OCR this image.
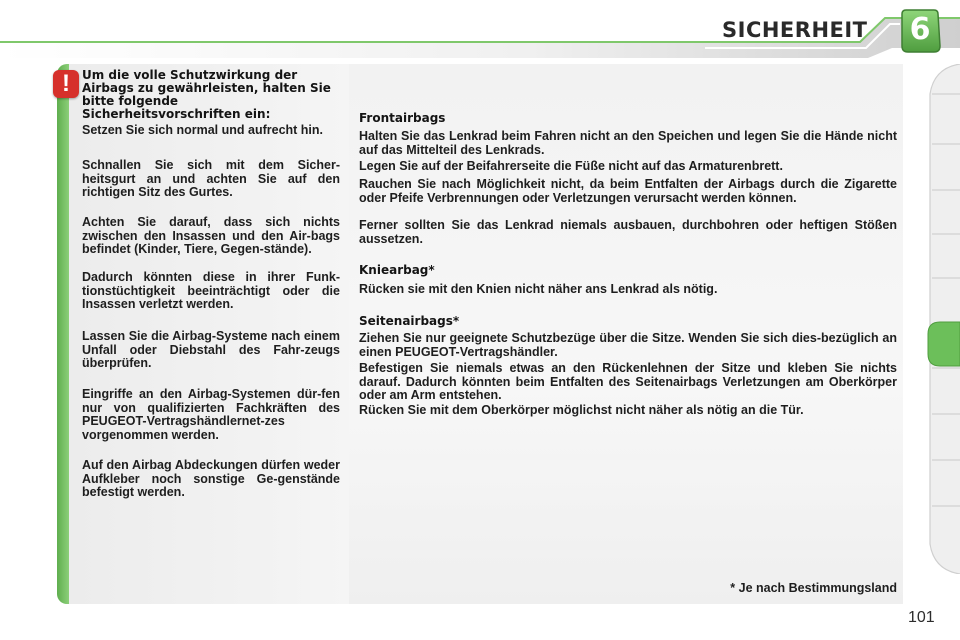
SICHERHEIT	6
!	Um die volle Schutzwirkung der Airbags zu gewährleisten, halten Sie bitte folgende Sicherheitsvorschriften ein:

Setzen Sie sich normal und aufrecht hin.

Schnallen Sie sich mit dem Sicher-heitsgurt an und achten Sie auf den richtigen Sitz des Gurtes.

Achten Sie darauf, dass sich nichts zwischen den Insassen und den Air-bags befindet (Kinder, Tiere, Gegen-stände).

Dadurch könnten diese in ihrer Funk-tionstüchtigkeit beeinträchtigt oder die Insassen verletzt werden.

Lassen Sie die Airbag-Systeme nach einem Unfall oder Diebstahl des Fahr-zeugs überprüfen.

Eingriffe an den Airbag-Systemen dür-fen nur von qualifizierten Fachkräften des PEUGEOT-Vertragshändlernet-zes vorgenommen werden.

Auf den Airbag Abdeckungen dürfen weder Aufkleber noch sonstige Ge-genstände befestigt werden.

Frontairbags

Halten Sie das Lenkrad beim Fahren nicht an den Speichen und legen Sie die Hände nicht auf das Mittelteil des Lenkrads.

Legen Sie auf der Beifahrerseite die Füße nicht auf das Armaturenbrett.

Rauchen Sie nach Möglichkeit nicht, da beim Entfalten der Airbags durch die Zigarette oder Pfeife Verbrennungen oder Verletzungen verursacht werden können.

Ferner sollten Sie das Lenkrad niemals ausbauen, durchbohren oder heftigen Stößen aussetzen.

Kniearbag*

Rücken sie mit den Knien nicht näher ans Lenkrad als nötig.

Seitenairbags*

Ziehen Sie nur geeignete Schutzbezüge über die Sitze. Wenden Sie sich dies-bezüglich an einen PEUGEOT-Vertragshändler.

Befestigen Sie niemals etwas an den Rückenlehnen der Sitze und kleben Sie nichts darauf. Dadurch könnten beim Entfalten des Seitenairbags Verletzungen am Oberkörper oder am Arm entstehen.

Rücken Sie mit dem Oberkörper möglichst nicht näher als nötig an die Tür.

* Je nach Bestimmungsland

101
